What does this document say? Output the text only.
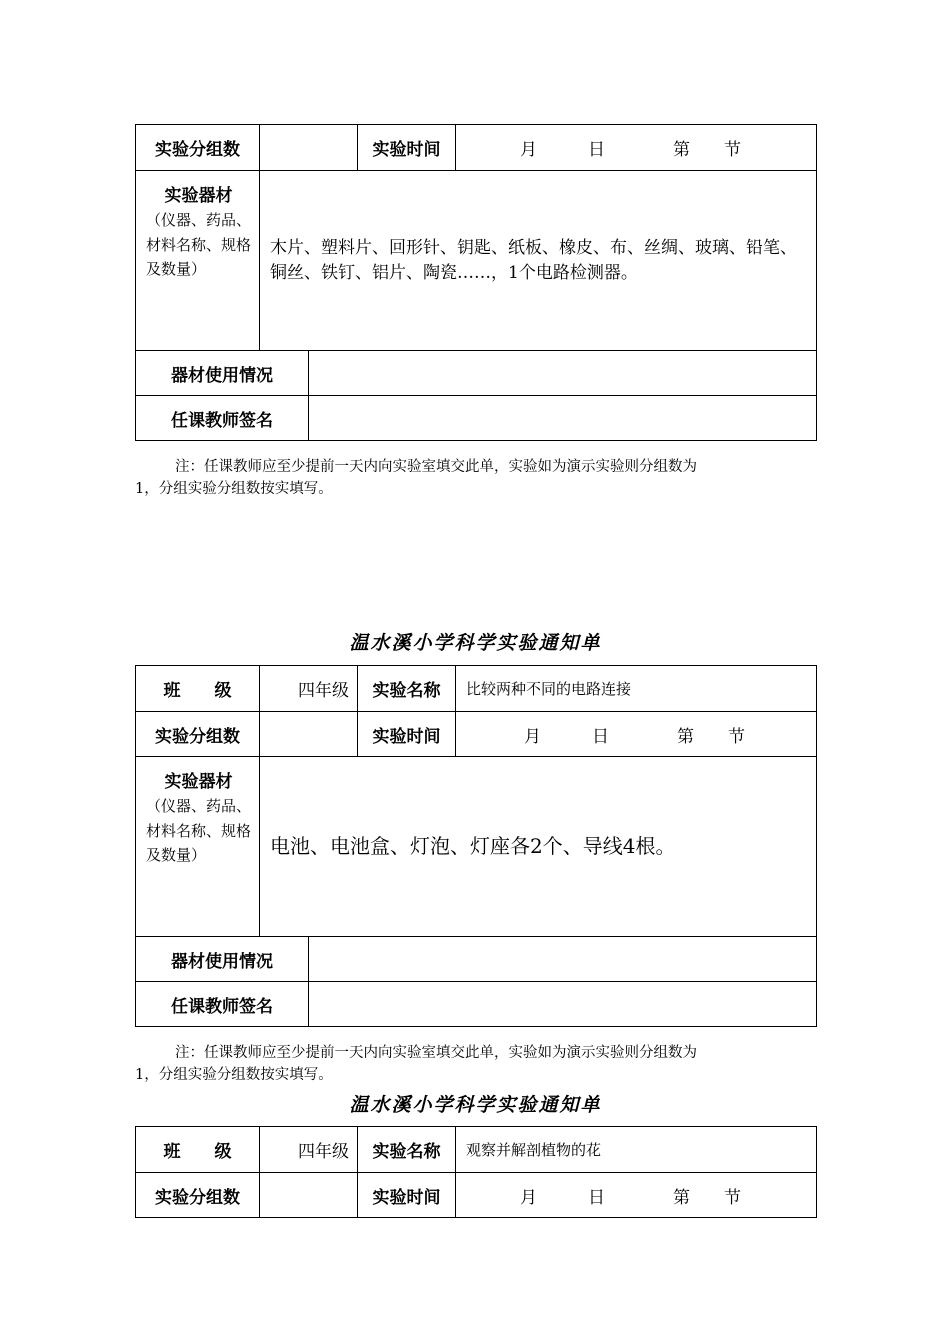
实验分组数			实验时间	月　　　日　　　　第　　节

实验器材
（仪器、药品、材料名称、规格及数量）	木片、塑料片、回形针、钥匙、纸板、橡皮、布、丝绸、玻璃、铅笔、铜丝、铁钉、铝片、陶瓷……，1个电路检测器。			
器材使用情况				
任课教师签名				
注：任课教师应至少提前一天内向实验室填交此单，实验如为演示实验则分组数为
1，分组实验分组数按实填写。
温水溪小学科学实验通知单
班　　级	四年级		实验名称	比较两种不同的电路连接
实验分组数			实验时间	月　　　日　　　　第　　节

实验器材
（仪器、药品、材料名称、规格及数量）	电池、电池盒、灯泡、灯座各2个、导线4根。			
器材使用情况				
任课教师签名				
注：任课教师应至少提前一天内向实验室填交此单，实验如为演示实验则分组数为
1，分组实验分组数按实填写。
温水溪小学科学实验通知单
班　　级	四年级	实验名称	观察并解剖植物的花
实验分组数		实验时间	月　　　日　　　　第　　节
